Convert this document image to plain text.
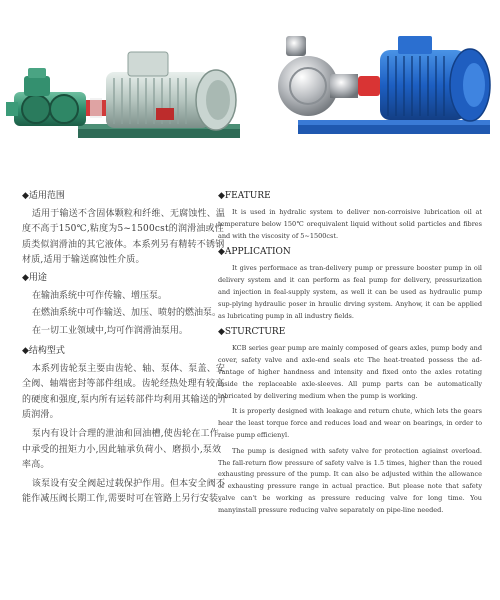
◆适用范围

适用于输送不含固体颗粒和纤维、无腐蚀性、温度不高于150℃,粘度为5~1500cst的润滑油或性质类似润滑油的其它液体。本系列另有精转不锈钢材质,适用于输送腐蚀性介质。

◆用途

在输油系统中可作传输、增压泵。

在燃油系统中可作输送、加压、喷射的燃油泵。

在一切工业领域中,均可作润滑油泵用。

◆结构型式

本系列齿轮泵主要由齿轮、轴、泵体、泵盖、安全阀、轴端密封等部件组成。齿轮经热处理有较高的硬度和强度,泵内所有运转部件均利用其输送的介质润滑。

泵内有设计合理的泄油和回油槽,使齿轮在工作中承受的扭矩力小,因此轴承负荷小、磨损小,泵效率高。

该泵设有安全阀起过载保护作用。但本安全阀不能作减压阀长期工作,需要时可在管路上另行安装。

◆FEATURE

It is used in hydralic system to deliver non-corroisive lubrication oil at temperature below 150℃ orequivalent liquid without solid particles and fibres and with the viscosity of 5~1500cst.

◆APPLICATION

It gives performace as tran-delivery pump or pressure booster pump in oil delivery system and it can perform as feal pump for delivery, pressurization and injection in feal-supply system, as well it can be used as hydraulic pump sup-plying hydraulic poser in hraulic drving system. Anyhow, it can be applied as lubricating pump in all industry fields.

◆STURCTURE

KCB series gear pump are mainly composed of gears axles, pump body and cover, safety valve and axle-end seals etc The heat-treated possess the ad-vantage of higher handness and intensity and fixed onto the axles rotating inside the replaceable axle-sleeves. All pump parts can be automatically lubricated by delivering medium when the pump is working.

It is properly designed with leakage and return chute, which lets the gears hear the least torque force and reduces load and wear on bearings, in order to raise pump efficienyl.

The pump is designed with safety valve for protection agiainst overload. The fall-return flow pressure of safety valve is 1.5 times, higher than the roued exhausting pressure of the pump. It can also be adjusted within the allowance of exhausting pressure range in actual practice. But please note that safety valve can't be working as pressure reducing valve for long time. You manyinstall pressure reducing valve separately on pipe-line needed.
